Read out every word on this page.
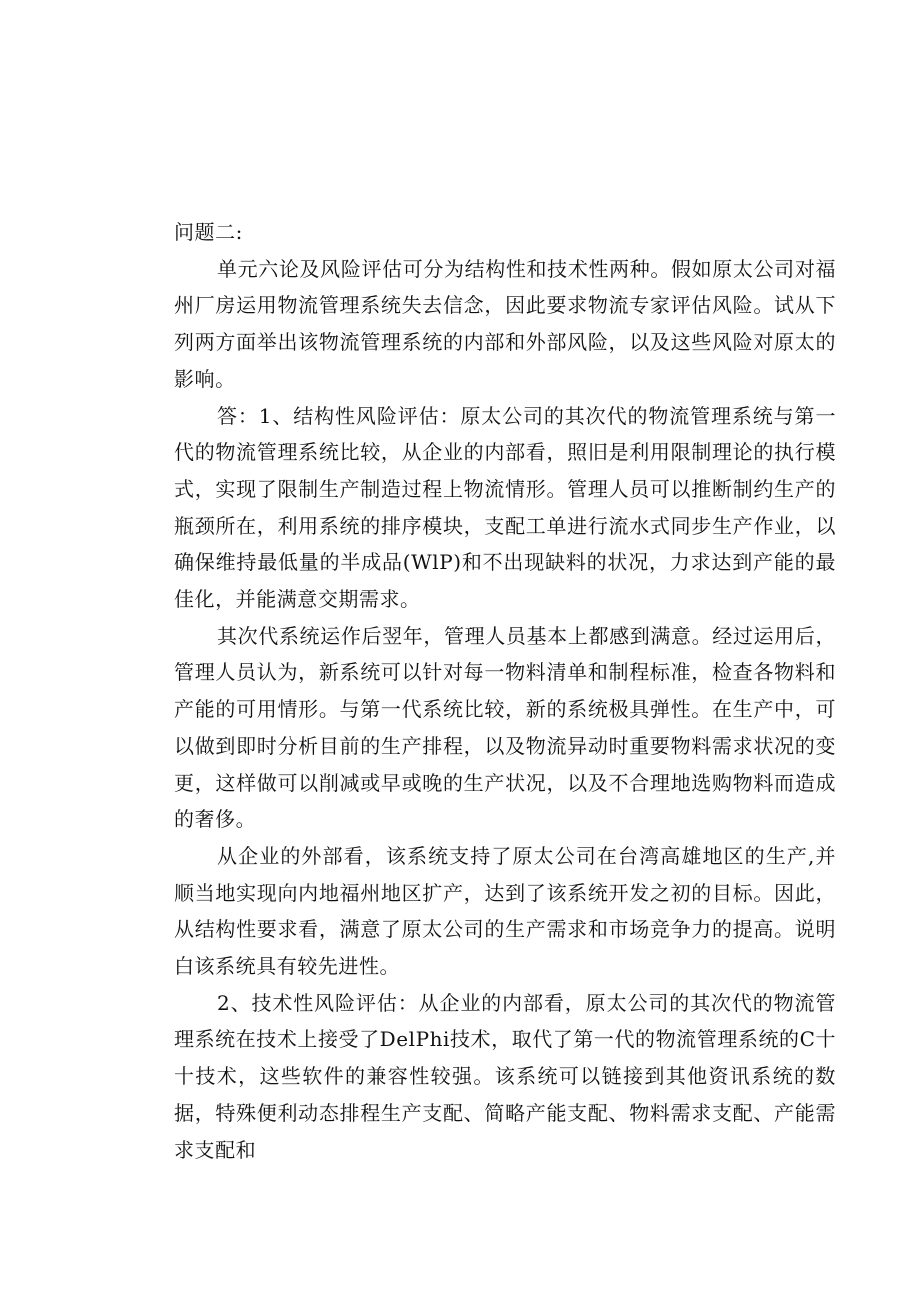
问题二:

单元六论及风险评估可分为结构性和技术性两种。假如原太公司对福州厂房运用物流管理系统失去信念，因此要求物流专家评估风险。试从下列两方面举出该物流管理系统的内部和外部风险，以及这些风险对原太的影响。

答：1、结构性风险评估：原太公司的其次代的物流管理系统与第一代的物流管理系统比较，从企业的内部看，照旧是利用限制理论的执行模式，实现了限制生产制造过程上物流情形。管理人员可以推断制约生产的瓶颈所在，利用系统的排序模块，支配工单进行流水式同步生产作业，以确保维持最低量的半成品(WlP)和不出现缺料的状况，力求达到产能的最佳化，并能满意交期需求。

其次代系统运作后翌年，管理人员基本上都感到满意。经过运用后，管理人员认为，新系统可以针对每一物料清单和制程标准，检查各物料和产能的可用情形。与第一代系统比较，新的系统极具弹性。在生产中，可以做到即时分析目前的生产排程，以及物流异动时重要物料需求状况的变更，这样做可以削减或早或晚的生产状况，以及不合理地选购物料而造成的奢侈。

从企业的外部看，该系统支持了原太公司在台湾高雄地区的生产,并顺当地实现向内地福州地区扩产，达到了该系统开发之初的目标。因此，从结构性要求看，满意了原太公司的生产需求和市场竞争力的提高。说明白该系统具有较先进性。

2、技术性风险评估：从企业的内部看，原太公司的其次代的物流管理系统在技术上接受了DelPhi技术，取代了第一代的物流管理系统的C十十技术，这些软件的兼容性较强。该系统可以链接到其他资讯系统的数据，特殊便利动态排程生产支配、简略产能支配、物料需求支配、产能需求支配和
